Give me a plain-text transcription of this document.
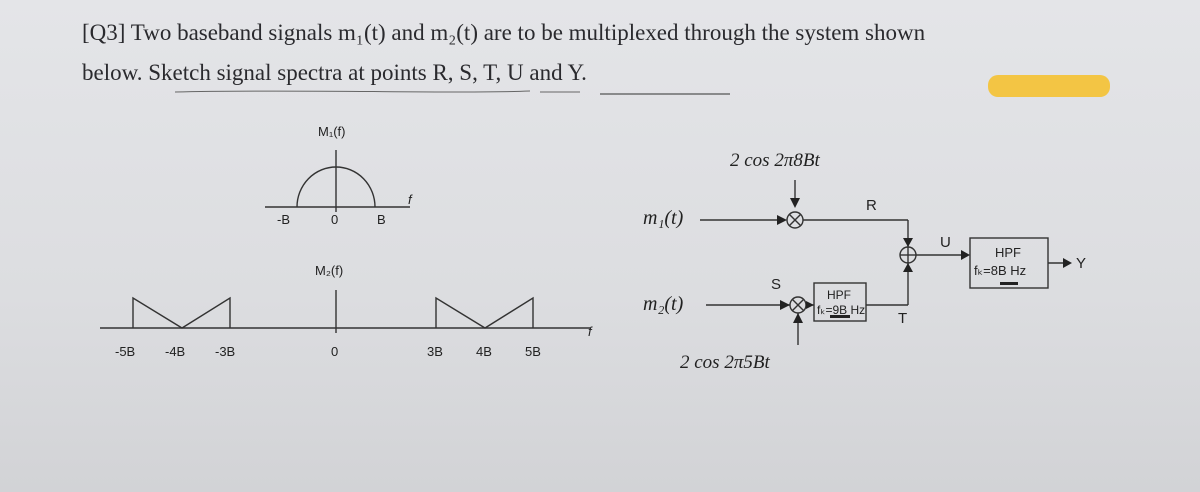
[Q3] Two baseband signals m₁(t) and m₂(t) are to be multiplexed through the system shown

below. Sketch signal spectra at points R, S, T, U and Y.

M₁(f)
f
-B	0	B
M₂(f)
f
-5B -4B -3B	0	3B	4B	5B
2 cos 2π8Bt
m₁(t)
m₂(t)
2 cos 2π5Bt
R
S
T
U
Y
HPF
fₖ=9B Hz
HPF
fₖ=8B Hz
